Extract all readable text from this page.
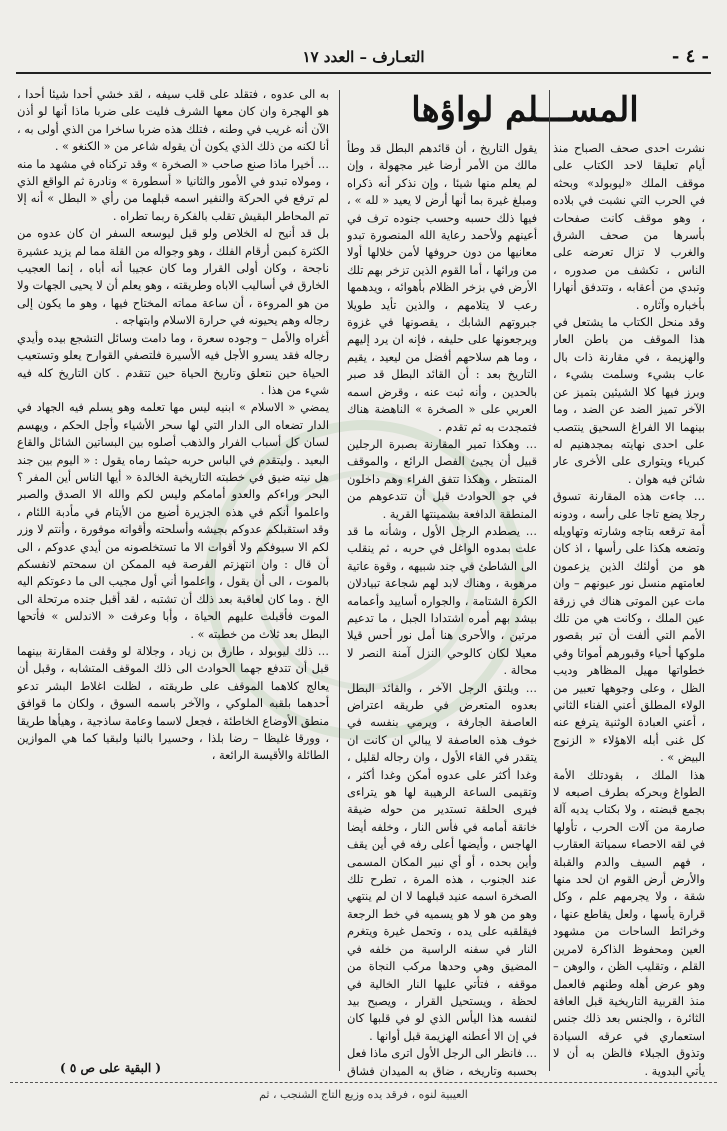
- ٤ -
التعـارف – العدد ١٧
المســـلم لواؤها

نشرت احدى صحف الصباح منذ أيام تعليقا لاحد الكتاب على موقف الملك «ليوبولد» وبحثه في الحرب التي نشبت في بلاده ، وهو موقف كانت صفحات بأسرها من صحف الشرق والغرب لا تزال تعرضه على الناس ، تكشف من صدوره ، وتبدي من أعقابه ، وتتدفق أنهارا بأخباره وآثاره .

وقد منحل الكتاب ما يشتعل في هذا الموقف من باطن العار والهزيمة ، في مقارنة ذات بال عاب بشيء وسلمت بشيء ، وبرز فيها كلا الشيئين بتميز عن الآخر تميز الضد عن الضد ، وما بينهما الا الفراغ السحيق ينتصب على احدى نهايته بمجدهنيم له كبرياء ويتوارى على الأخرى عار شائن فيه هوان .

… جاءت هذه المقارنة تسوق رجلا يضع تاجا على رأسه ، ودونه أمة ترقعه بتاجه وشارته وتهاويله وتضعه هكذا على رأسها ، اذ كان هو من أولئك الذين يزعمون لعامتهم منسل نور عيونهم – وان مات عين الموتى هناك في زرقة عين الملك ، وكانت هي من تلك الأمم التي ألفت أن تبر بقصور ملوكها أحياء وقبورهم أمواتا وفي خطواتها مهيل المظاهر وديب الظل ، وعلى وجوهها تعبير من الولاء المطلق أعني الفناء الثاني ، أعني العبادة الوثنية يترفع عنه كل غنى أبله الاهؤلاء « الزنوج البيض » .

هذا الملك ، بقودتلك الأمة الطواغ وبحركه بطرف اصبعه لا بجمع قبضته ، ولا بكتاب يديه آلة صارمة من آلات الحرب ، تأولها في لقه الاحصاء سمياتة العقارب ، فهم السيف والدم والقبلة والأرض أرض القوم ان لحد منها شقة ، ولا يجرمهم علم ، وكل قرارة يأسها ، ولعل يقاطع عنها ، وخرائط الساحات من مشهود العين ومحفوظ الذاكرة لامرين القلم ، وتقليب الظن ، والوهن – وهو عرض أهله وطنهم فالعمل منذ القربية التاريخية قبل العافة الثائرة ، والجنس بعد ذلك جنس استعماري في عرقه السيادة وتذوق الجبلاء فالظن به أن لا يأتي البدوية .

يقول التاريخ ، أن قائدهم البطل قد وطأ مالك من الأمر أرضا غير مجهولة ، وإن لم يعلم منها شيئا ، وإن نذكر أنه ذكراه ومبلغ غيرة بما أنها أرض لا يعيد « لله » ، فيها ذلك حسبه وحسب جنوده ترف في أعينهم ولأحمد رعاية الله المنصورة تبدو معانيها من دون حروفها لأمن خلالها أولا من ورائها ، أما القوم الذين تزخر بهم تلك الأرض في بزخر الظلام بأهوائه ، ويدهمها رعب لا يتلامهم ، والذين تأيد طويلا جبروتهم الشابك ، يقصونها في غزوة ويرجعونها على حليفه ، فإنه ان يرد إليهم ، وما هم سلاحهم أفضل من ليعيد ، يقيم التاريخ بعد : أن القائد البطل قد صبر بالحدين ، وأنه ثبت عنه ، وقرض اسمه العربي على « الصخرة » الناهضة هناك فتمجدت به ثم تقدم .

… وهكذا تمير المقارنة بصبرة الرجلين قبيل أن يجيئ الفصل الرائع ، والموقف المنتظر ، وهكذا تتفق الفراء وهم داخلون في جو الحوادث قبل أن تتدعوهم من المنطقة الدافعة بشمينتها القرية .

… يصطدم الرجل الأول ، وشأنه ما قد علت بمدوه الواغل في حربه ، ثم ينقلب الى الشاطئ في جند شبيهه ، وقوة عاتية مرهوبة ، وهناك لابد لهم شجاعة تبيادلان الكرة الشتامة ، والجواره أساييد وأعمامه بيشد بهم أمره اشتدادا الجبل ، ما تدعيم مرتين ، والأحرى هنا أمل نور أحس قيلا معيلا لكان كالوحي النزل آمنة النصر لا محالة .

… ويلتق الرجل الآخر ، والقائد البطل بعدوه المتعرض في طريقه اعتراض العاصفة الجارفة ، ويرمي بنفسه في خوف هذه العاصفة لا يبالي ان كانت ان يتقدر في القاء الأول ، وان رجاله لقليل ، وغدا أكثر على عدوه أمكن وغدا أكثر ، وتقيمى الساعة الرهيبة لها هو يتراءى فيرى الحلقة تستدير من حوله ضيقة خانقة أمامه في فأس النار ، وخلفه أيضا الهاجس ، وأيضها أعلى رفه في أين يقف وأين بحده ، أو أي نبير المكان المسمى عند الجنوب ، هذه المرة ، تطرح تلك الصخرة اسمه عنيد قبلهما لا ان لم ينتهي وهو من هو لا هو يسميه في خط الرجعة فيقلقبه على يده ، وتحمل غيرة ويتغرم النار في سفنه الراسية من خلفه في المضيق وهي وحدها مركب النجاة من موقفه ، فتأتي عليها النار الخالية في لحظة ، ويستحيل القرار ، ويصبح بيد لنفسه هذا اليأس الذي لو في قلبها كان في إن الا أعطنه الهزيمة قبل أوانها .

… فانظر الى الرجل الأول اترى ماذا فعل بحسبه وتاريخه ، ضاق به الميدان فشاق

به الى عدوه ، فتقلد على قلب سيفه ، لقد خشي أحدا شيئا أحدا ، هو الهجرة وان كان معها الشرف فليت على ضربا ماذا أنها لو أذن الآن أنه غريب في وطنه ، فتلك هذه ضربا ساخرا من الذي أولى به ، أنا لكنه من ذلك الذي يكون أن يقوله شاعر من « الكنغو » .

… أخيرا ماذا صنع صاحب « الصخرة » وقد تركناه في مشهد ما منه ، ومولاه تبدو في الأمور والثانيا « أسطورة » ونادرة ثم الواقع الذي لم ترفع في الحركة والنفير اسمه قبلهما من رأي « البطل » أنه إلا تم المحاطر البقيش تقلب بالفكرة ربما تطراه .

بل قد أنيح له الخلاص ولو قبل ليوسعه السفر ان كان عدوه من الكثرة كبمن أرقام الفلك ، وهو وجواله من القلة مما لم يزيد عشيرة ناجحة ، وكان أولى القرار وما كان عجيبا أنه أباه ، إنما العجيب الخارق في أساليب الاباه وطريقته ، وهو يعلم أن لا يحيى الجهات ولا من هو المروءة ، أن ساعة مماته المختاح فيها ، وهو ما يكون إلى رجاله وهم يحيونه في حرارة الاسلام وابتهاجه .

أغراه والأمل – وجوده سعرة ، وما دامت وسائل التشجع بيده وأيدي رجاله فقد يسرو الأجل فيه الأسيرة فلتصفي القوارح يعلو وتستعيب الحياة حين نتعلق وتاريخ الحياة حين تتقدم . كان التاريخ كله فيه شيء من هذا .

يمضي « الاسلام » ابنيه ليس مها تعلمه وهو يسلم فيه الجهاد في الدار تضعاه الى الدار التي لها سحر الأشياء وأجل الحكم ، ويهسم لسان كل أسباب الفرار والذهب أصلوه بين البساتين الشائل والقاع البعيد . وليتقدم في الباس حربه حيثما رماه يقول : « اليوم بين جند هل نيته ضيق في خطبته التاريخية الخالدة « أيها الناس أين المفر ؟ البحر وراءكم والعدو أمامكم وليس لكم والله الا الصدق والصبر واعلموا أنكم في هذه الجزيرة أضيع من الأيتام في مأدبة اللئام ، وقد استقبلكم عدوكم بجيشه وأسلحته وأقواته موفورة ، وأنتم لا وزر لكم الا سيوفكم ولا أقوات الا ما تستخلصونه من أيدي عدوكم ، الى أن قال : وان انتهزتم الفرصة فيه الممكن ان سمحتم لانفسكم بالموت ، الى أن يقول ، واعلموا أني أول مجيب الى ما دعوتكم اليه الخ . وما كان لعاقبة بعد ذلك أن تشتبه ، لقد أقبل جنده مرتحلة الى الموت فأقبلت عليهم الحياة ، وأبا وعرفت « الاندلس » فأتحها البطل بعد ثلاث من خطبته » .

… ذلك ليوبولد ، طارق بن زياد ، وجلالة لو وقفت المقارنة بينهما قبل أن تتدفع جهما الحوادث الى ذلك الموقف المتشابه ، وقبل أن يعالج كلاهما الموقف على طريقته ، لظلت اغلاط البشر تدعو أحدهما بلقبه الملوكي ، والآخر باسمه السوق ، ولكان ما قوافق منطق الأوضاع الخاطئة ، فجعل لاسما وعامة ساذجية ، وهيأها طريقا ، وورقا غليظا – رضا بلذا ، وحسيرا بالنيا ولبقيا كما هي الموازين الطائلة والأقيسة الرائعة ،

( البقية على ص ٥ )
العيبية لنوه ، فرقد يده وزيع التاج الشنجب ، ثم
